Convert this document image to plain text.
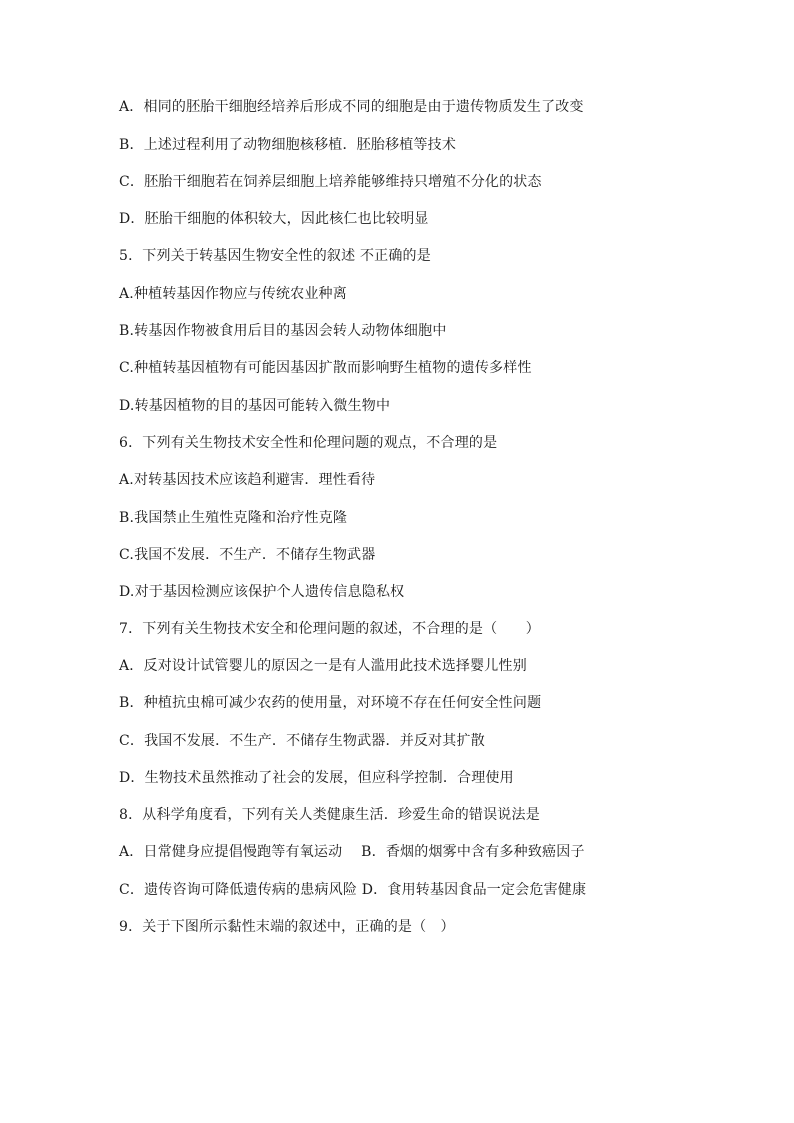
A．相同的胚胎干细胞经培养后形成不同的细胞是由于遗传物质发生了改变
B．上述过程利用了动物细胞核移植．胚胎移植等技术
C．胚胎干细胞若在饲养层细胞上培养能够维持只增殖不分化的状态
D．胚胎干细胞的体积较大，因此核仁也比较明显
5．下列关于转基因生物安全性的叙述 不正确的是
A.种植转基因作物应与传统农业种离
B.转基因作物被食用后目的基因会转人动物体细胞中
C.种植转基因植物有可能因基因扩散而影响野生植物的遗传多样性
D.转基因植物的目的基因可能转入微生物中
6．下列有关生物技术安全性和伦理问题的观点，不合理的是
A.对转基因技术应该趋利避害．理性看待
B.我国禁止生殖性克隆和治疗性克隆
C.我国不发展．不生产．不储存生物武器
D.对于基因检测应该保护个人遗传信息隐私权
7．下列有关生物技术安全和伦理问题的叙述，不合理的是（　　）
A．反对设计试管婴儿的原因之一是有人滥用此技术选择婴儿性别
B．种植抗虫棉可减少农药的使用量，对环境不存在任何安全性问题
C．我国不发展．不生产．不储存生物武器．并反对其扩散
D．生物技术虽然推动了社会的发展，但应科学控制．合理使用
8．从科学角度看，下列有关人类健康生活．珍爱生命的错误说法是
A．日常健身应提倡慢跑等有氧运动　 B．香烟的烟雾中含有多种致癌因子
C．遗传咨询可降低遗传病的患病风险 D．食用转基因食品一定会危害健康
9．关于下图所示黏性末端的叙述中，正确的是（　）
